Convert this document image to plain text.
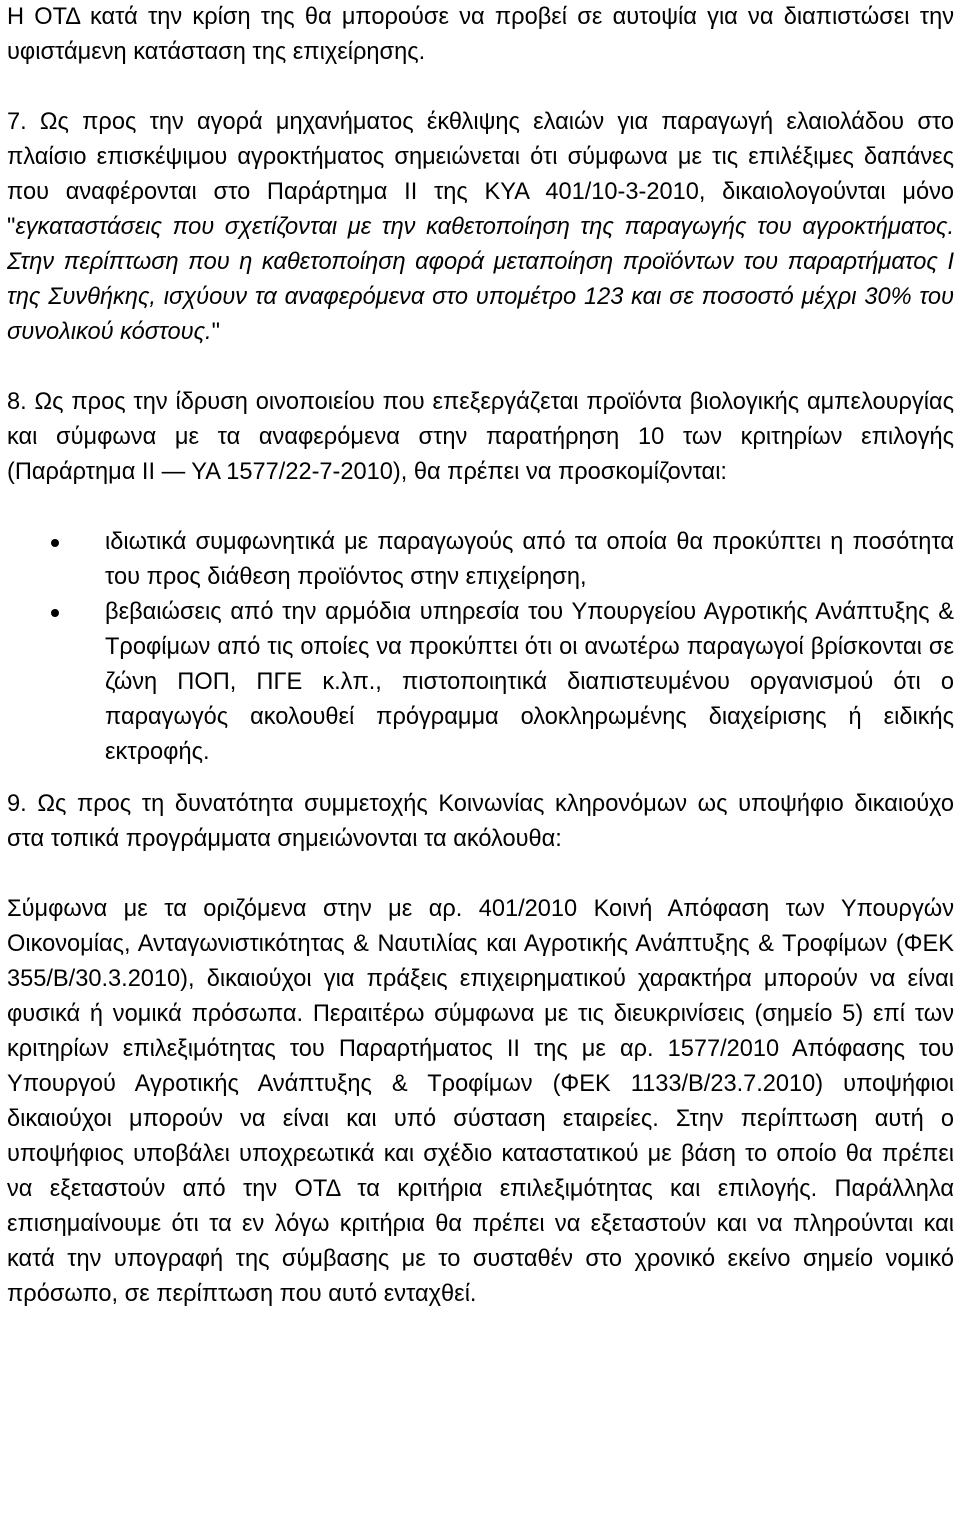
Η ΟΤΔ κατά την κρίση της θα μπορούσε να προβεί σε αυτοψία για να διαπιστώσει την υφιστάμενη κατάσταση της επιχείρησης.

7. Ως προς την αγορά μηχανήματος έκθλιψης ελαιών για παραγωγή ελαιολάδου στο πλαίσιο επισκέψιμου αγροκτήματος σημειώνεται ότι σύμφωνα με τις επιλέξιμες δαπάνες που αναφέρονται στο Παράρτημα ΙΙ της ΚΥΑ 401/10-3-2010, δικαιολογούνται μόνο "εγκαταστάσεις που σχετίζονται με την καθετοποίηση της παραγωγής του αγροκτήματος. Στην περίπτωση που η καθετοποίηση αφορά μεταποίηση προϊόντων του παραρτήματος Ι της Συνθήκης, ισχύουν τα αναφερόμενα στο υπομέτρο 123 και σε ποσοστό μέχρι 30% του συνολικού κόστους."

8. Ως προς την ίδρυση οινοποιείου που επεξεργάζεται προϊόντα βιολογικής αμπελουργίας και σύμφωνα με τα αναφερόμενα στην παρατήρηση 10 των κριτηρίων επιλογής (Παράρτημα ΙΙ — ΥΑ 1577/22-7-2010), θα πρέπει να προσκομίζονται:

ιδιωτικά συμφωνητικά με παραγωγούς από τα οποία θα προκύπτει η ποσότητα του προς διάθεση προϊόντος στην επιχείρηση,
βεβαιώσεις από την αρμόδια υπηρεσία του Υπουργείου Αγροτικής Ανάπτυξης & Τροφίμων από τις οποίες να προκύπτει ότι οι ανωτέρω παραγωγοί βρίσκονται σε ζώνη ΠΟΠ, ΠΓΕ κ.λπ., πιστοποιητικά διαπιστευμένου οργανισμού ότι ο παραγωγός ακολουθεί πρόγραμμα ολοκληρωμένης διαχείρισης ή ειδικής εκτροφής.

9. Ως προς τη δυνατότητα συμμετοχής Κοινωνίας κληρονόμων ως υποψήφιο δικαιούχο στα τοπικά προγράμματα σημειώνονται τα ακόλουθα:

Σύμφωνα με τα οριζόμενα στην με αρ. 401/2010 Κοινή Απόφαση των Υπουργών Οικονομίας, Ανταγωνιστικότητας & Ναυτιλίας και Αγροτικής Ανάπτυξης & Τροφίμων (ΦΕΚ 355/Β/30.3.2010), δικαιούχοι για πράξεις επιχειρηματικού χαρακτήρα μπορούν να είναι φυσικά ή νομικά πρόσωπα. Περαιτέρω σύμφωνα με τις διευκρινίσεις (σημείο 5) επί των κριτηρίων επιλεξιμότητας του Παραρτήματος ΙΙ της με αρ. 1577/2010 Απόφασης του Υπουργού Αγροτικής Ανάπτυξης & Τροφίμων (ΦΕΚ 1133/Β/23.7.2010) υποψήφιοι δικαιούχοι μπορούν να είναι και υπό σύσταση εταιρείες. Στην περίπτωση αυτή ο υποψήφιος υποβάλει υποχρεωτικά και σχέδιο καταστατικού με βάση το οποίο θα πρέπει να εξεταστούν από την ΟΤΔ τα κριτήρια επιλεξιμότητας και επιλογής. Παράλληλα επισημαίνουμε ότι τα εν λόγω κριτήρια θα πρέπει να εξεταστούν και να πληρούνται και κατά την υπογραφή της σύμβασης με το συσταθέν στο χρονικό εκείνο σημείο νομικό πρόσωπο, σε περίπτωση που αυτό ενταχθεί.
